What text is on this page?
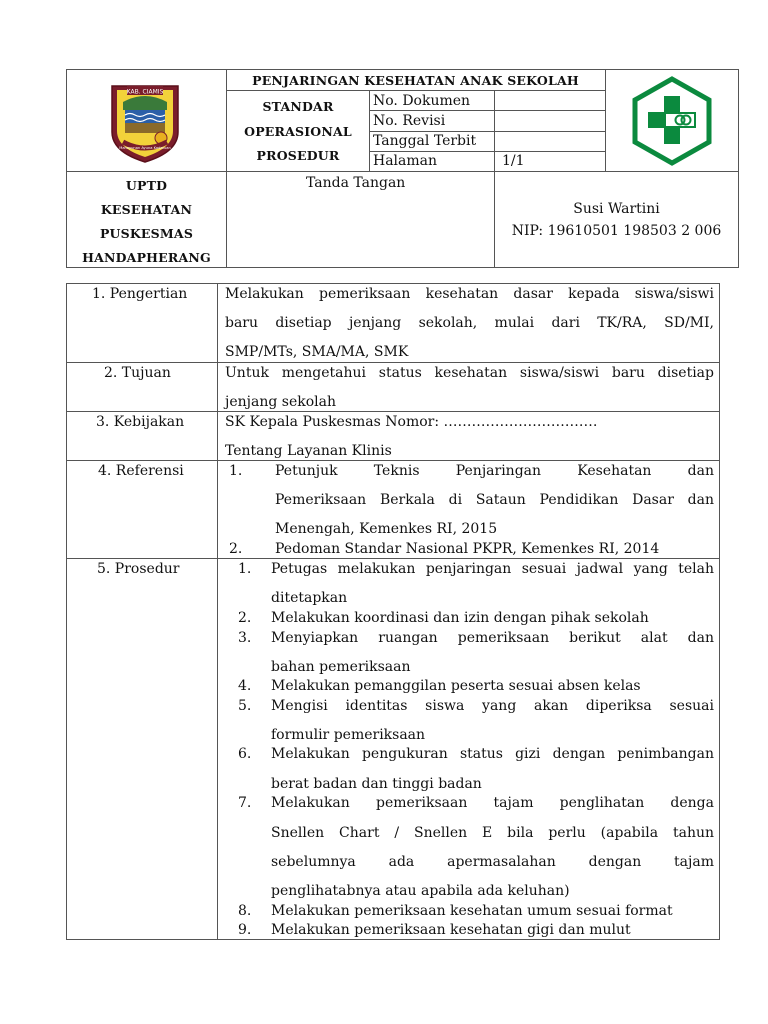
KAB. CIAMIS
Mahayunan Ayuna Kadatuan
PENJARINGAN KESEHATAN ANAK SEKOLAH
STANDAR
OPERASIONAL
PROSEDUR
No. Dokumen
No. Revisi
Tanggal Terbit
Halaman	1/1
UPTD
KESEHATAN
PUSKESMAS
HANDAPHERANG
Tanda Tangan
Susi Wartini
NIP: 19610501 198503 2 006
1. Pengertian	Melakukan pemeriksaan kesehatan dasar kepada siswa/siswi
baru disetiap jenjang sekolah, mulai dari TK/RA, SD/MI,
SMP/MTs, SMA/MA, SMK
2. Tujuan	Untuk mengetahui status kesehatan siswa/siswi baru disetiap
jenjang sekolah
3. Kebijakan	SK Kepala Puskesmas Nomor: ……………………………
Tentang Layanan Klinis
4. Referensi	1. Petunjuk Teknis Penjaringan Kesehatan dan
Pemeriksaan Berkala di Sataun Pendidikan Dasar dan
Menengah, Kemenkes RI, 2015
2. Pedoman Standar Nasional PKPR, Kemenkes RI, 2014
5. Prosedur	1. Petugas melakukan penjaringan sesuai jadwal yang telah
ditetapkan
2. Melakukan koordinasi dan izin dengan pihak sekolah
3. Menyiapkan ruangan pemeriksaan berikut alat dan
bahan pemeriksaan
4. Melakukan pemanggilan peserta sesuai absen kelas
5. Mengisi identitas siswa yang akan diperiksa sesuai
formulir pemeriksaan
6. Melakukan pengukuran status gizi dengan penimbangan
berat badan dan tinggi badan
7. Melakukan pemeriksaan tajam penglihatan denga
Snellen Chart / Snellen E bila perlu (apabila tahun
sebelumnya ada apermasalahan dengan tajam
penglihatabnya atau apabila ada keluhan)
8. Melakukan pemeriksaan kesehatan umum sesuai format
9. Melakukan pemeriksaan kesehatan gigi dan mulut
